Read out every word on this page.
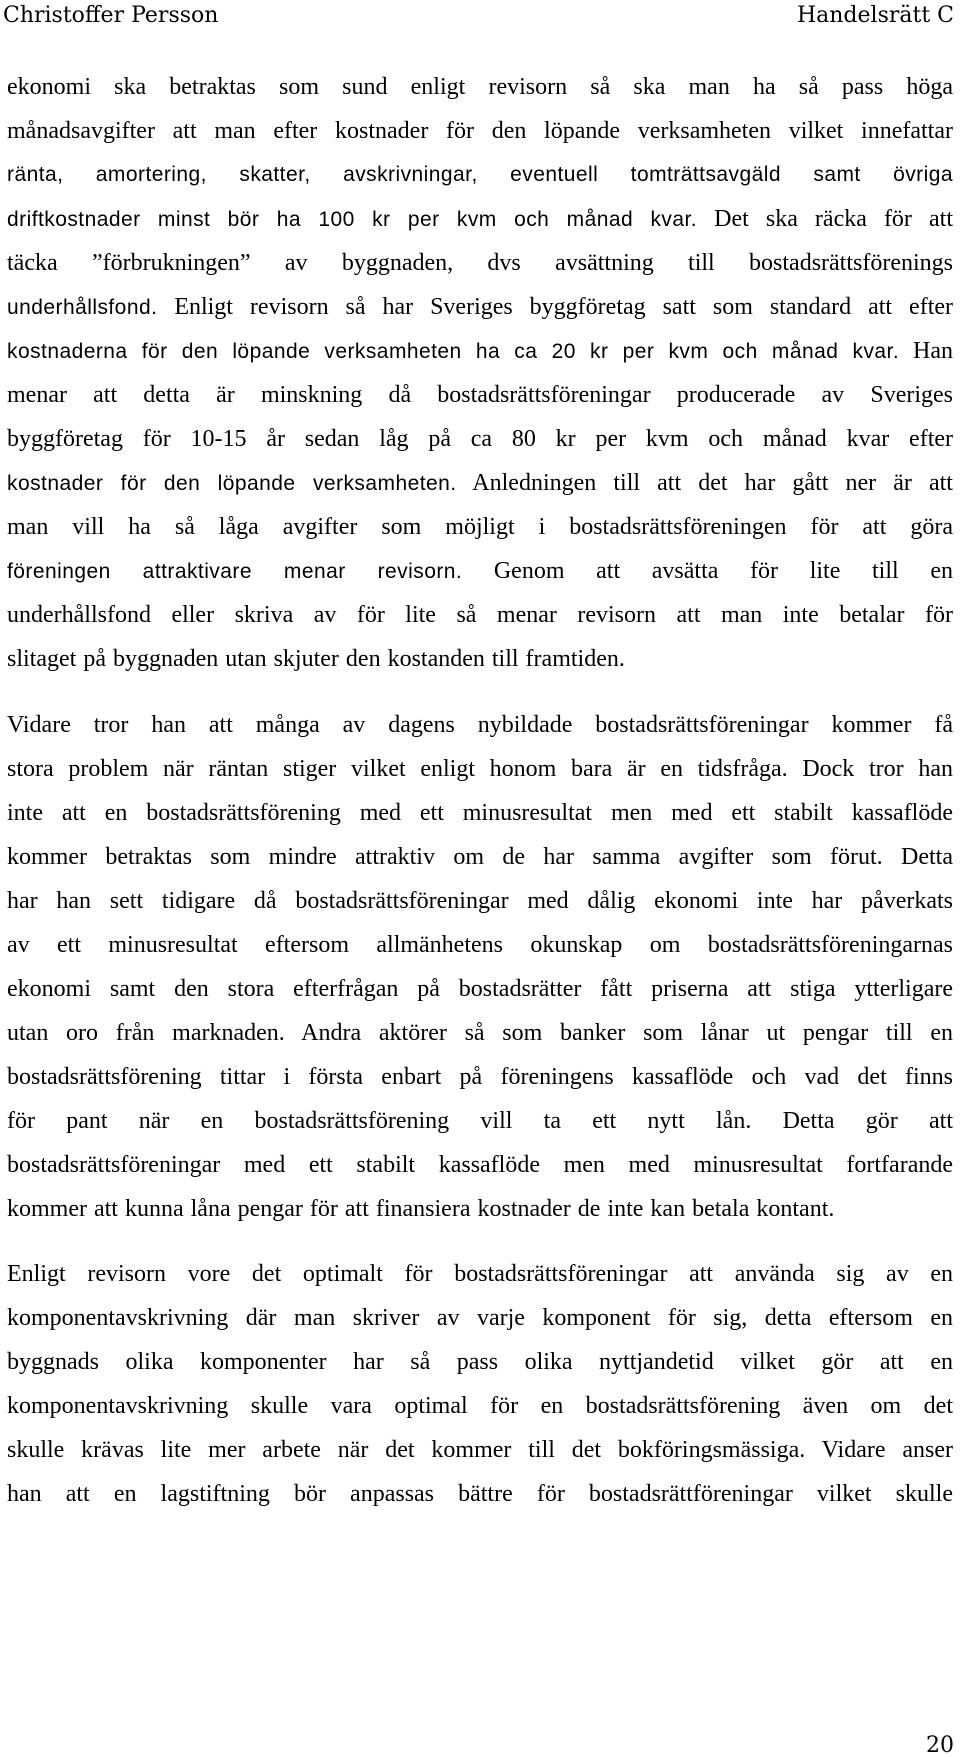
Christoffer Persson	Handelsrätt C
ekonomi ska betraktas som sund enligt revisorn så ska man ha så pass höga
månadsavgifter att man efter kostnader för den löpande verksamheten vilket innefattar
ränta, amortering, skatter, avskrivningar, eventuell tomträttsavgäld samt övriga
driftkostnader minst bör ha 100 kr per kvm och månad kvar. Det ska räcka för att
täcka ”förbrukningen” av byggnaden, dvs avsättning till bostadsrättsförenings
underhållsfond. Enligt revisorn så har Sveriges byggföretag satt som standard att efter
kostnaderna för den löpande verksamheten ha ca 20 kr per kvm och månad kvar. Han
menar att detta är minskning då bostadsrättsföreningar producerade av Sveriges
byggföretag för 10-15 år sedan låg på ca 80 kr per kvm och månad kvar efter
kostnader för den löpande verksamheten. Anledningen till att det har gått ner är att
man vill ha så låga avgifter som möjligt i bostadsrättsföreningen för att göra
föreningen attraktivare menar revisorn. Genom att avsätta för lite till en
underhållsfond eller skriva av för lite så menar revisorn att man inte betalar för
slitaget på byggnaden utan skjuter den kostanden till framtiden.
Vidare tror han att många av dagens nybildade bostadsrättsföreningar kommer få
stora problem när räntan stiger vilket enligt honom bara är en tidsfråga. Dock tror han
inte att en bostadsrättsförening med ett minusresultat men med ett stabilt kassaflöde
kommer betraktas som mindre attraktiv om de har samma avgifter som förut. Detta
har han sett tidigare då bostadsrättsföreningar med dålig ekonomi inte har påverkats
av ett minusresultat eftersom allmänhetens okunskap om bostadsrättsföreningarnas
ekonomi samt den stora efterfrågan på bostadsrätter fått priserna att stiga ytterligare
utan oro från marknaden. Andra aktörer så som banker som lånar ut pengar till en
bostadsrättsförening tittar i första enbart på föreningens kassaflöde och vad det finns
för pant när en bostadsrättsförening vill ta ett nytt lån. Detta gör att
bostadsrättsföreningar med ett stabilt kassaflöde men med minusresultat fortfarande
kommer att kunna låna pengar för att finansiera kostnader de inte kan betala kontant.
Enligt revisorn vore det optimalt för bostadsrättsföreningar att använda sig av en
komponentavskrivning där man skriver av varje komponent för sig, detta eftersom en
byggnads olika komponenter har så pass olika nyttjandetid vilket gör att en
komponentavskrivning skulle vara optimal för en bostadsrättsförening även om det
skulle krävas lite mer arbete när det kommer till det bokföringsmässiga. Vidare anser
han att en lagstiftning bör anpassas bättre för bostadsrättföreningar vilket skulle
20
